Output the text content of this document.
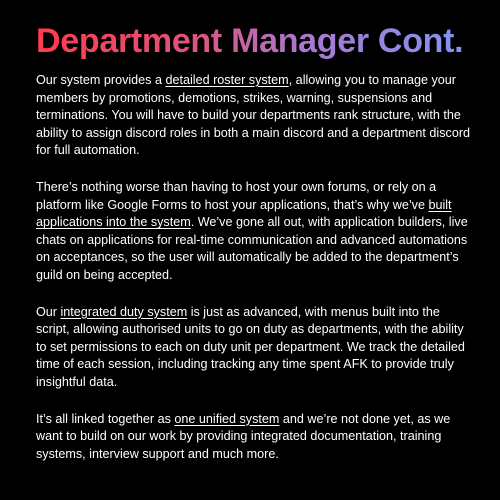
Department Manager Cont.

Our system provides a detailed roster system, allowing you to manage your members by promotions, demotions, strikes, warning, suspensions and terminations. You will have to build your departments rank structure, with the ability to assign discord roles in both a main discord and a department discord for full automation.

There’s nothing worse than having to host your own forums, or rely on a platform like Google Forms to host your applications, that’s why we’ve built applications into the system. We’ve gone all out, with application builders, live chats on applications for real-time communication and advanced automations on acceptances, so the user will automatically be added to the department’s guild on being accepted.

Our integrated duty system is just as advanced, with menus built into the script, allowing authorised units to go on duty as departments, with the ability to set permissions to each on duty unit per department. We track the detailed time of each session, including tracking any time spent AFK to provide truly insightful data.

It’s all linked together as one unified system and we’re not done yet, as we want to build on our work by providing integrated documentation, training systems, interview support and much more.
